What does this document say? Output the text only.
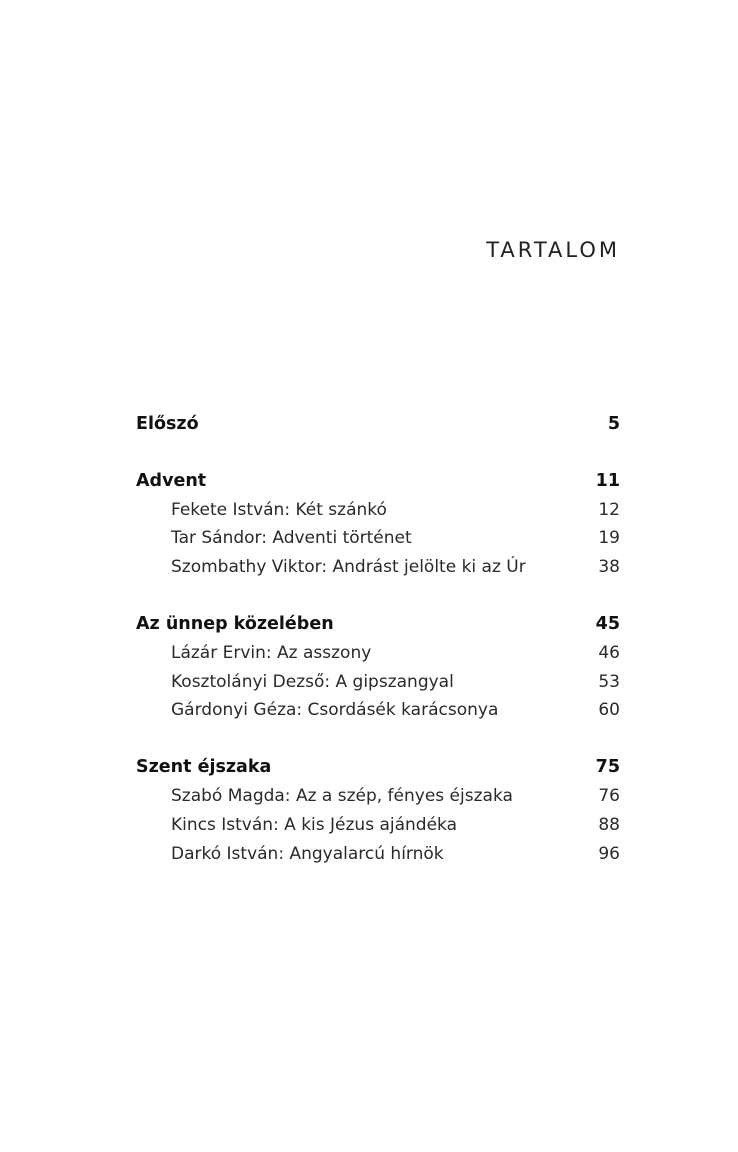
TARTALOM
Előszó	5
Advent	11
Fekete István: Két szánkó	12
Tar Sándor: Adventi történet	19
Szombathy Viktor: Andrást jelölte ki az Úr	38
Az ünnep közelében	45
Lázár Ervin: Az asszony	46
Kosztolányi Dezső: A gipszangyal	53
Gárdonyi Géza: Csordásék karácsonya	60
Szent éjszaka	75
Szabó Magda: Az a szép, fényes éjszaka	76
Kincs István: A kis Jézus ajándéka	88
Darkó István: Angyalarcú hírnök	96
